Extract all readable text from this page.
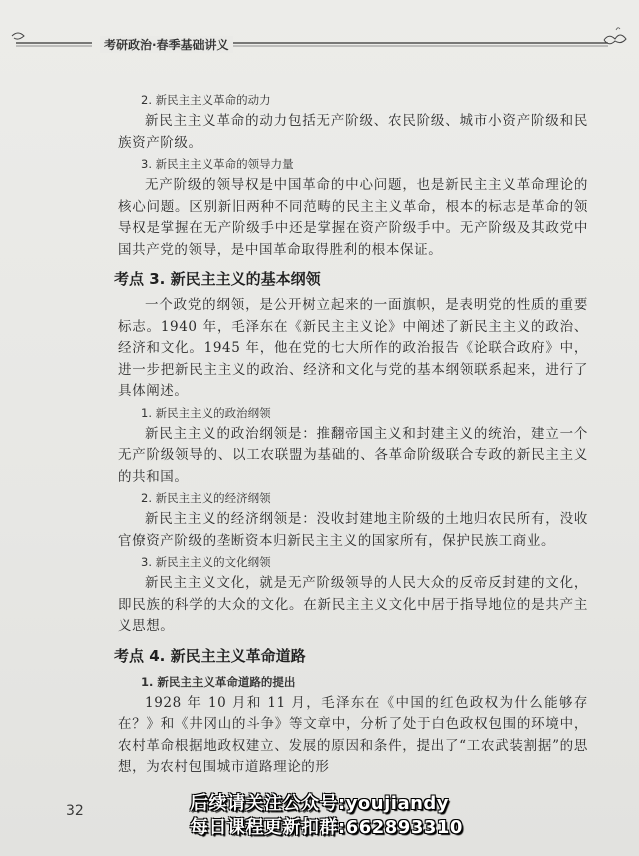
考研政治·春季基础讲义

2. 新民主主义革命的动力

新民主主义革命的动力包括无产阶级、农民阶级、城市小资产阶级和民族资产阶级。

3. 新民主主义革命的领导力量

无产阶级的领导权是中国革命的中心问题，也是新民主主义革命理论的核心问题。区别新旧两种不同范畴的民主主义革命，根本的标志是革命的领导权是掌握在无产阶级手中还是掌握在资产阶级手中。无产阶级及其政党中国共产党的领导，是中国革命取得胜利的根本保证。

考点 3. 新民主主义的基本纲领

一个政党的纲领，是公开树立起来的一面旗帜，是表明党的性质的重要标志。1940 年，毛泽东在《新民主主义论》中阐述了新民主主义的政治、经济和文化。1945 年，他在党的七大所作的政治报告《论联合政府》中，进一步把新民主主义的政治、经济和文化与党的基本纲领联系起来，进行了具体阐述。

1. 新民主主义的政治纲领

新民主主义的政治纲领是：推翻帝国主义和封建主义的统治，建立一个无产阶级领导的、以工农联盟为基础的、各革命阶级联合专政的新民主主义的共和国。

2. 新民主主义的经济纲领

新民主主义的经济纲领是：没收封建地主阶级的土地归农民所有，没收官僚资产阶级的垄断资本归新民主主义的国家所有，保护民族工商业。

3. 新民主主义的文化纲领

新民主主义文化，就是无产阶级领导的人民大众的反帝反封建的文化，即民族的科学的大众的文化。在新民主主义文化中居于指导地位的是共产主义思想。

考点 4. 新民主主义革命道路

1. 新民主主义革命道路的提出

1928 年 10 月和 11 月，毛泽东在《中国的红色政权为什么能够存在？》和《井冈山的斗争》等文章中，分析了处于白色政权包围的环境中，农村革命根据地政权建立、发展的原因和条件，提出了“工农武装割据”的思想，为农村包围城市道路理论的形

32	后续请关注公众号:youjiandy
每日课程更新扣群:662893310
